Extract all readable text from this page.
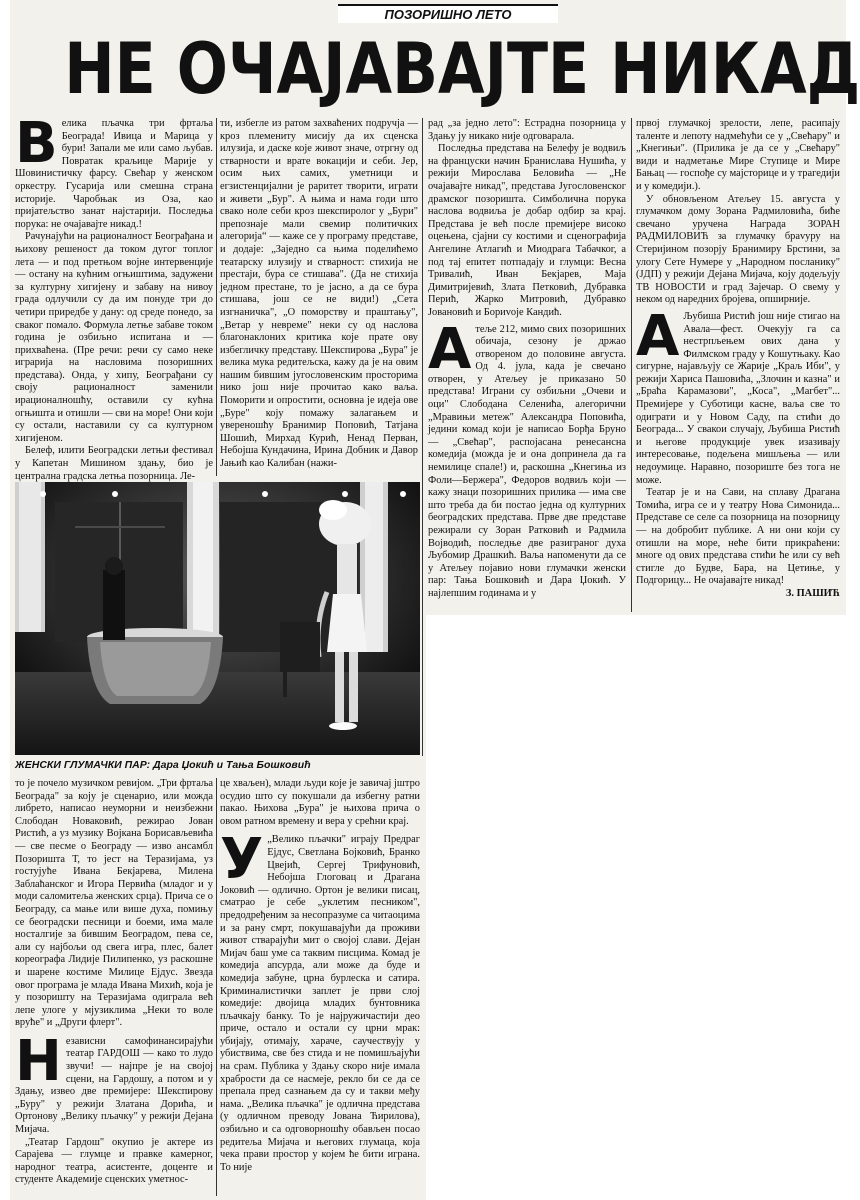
ПОЗОРИШНО ЛЕТО
НЕ ОЧАЈАВАЈТЕ НИКАД

Велика пљачка три фртаља Београда! Ивица и Марица у бури! Запали ме или само љубав. Повратак краљице Марије у Шовинистичку фарсу. Свећар у женском оркестру. Гусарија или смешна страна историје. Чаробњак из Оза, као пријатељство занат најстарији. Последња порука: не очајавајте никад.!

Рачунајући на рационалност Београђана и њихову решеност да током дугог топлог лета — и под претњом војне интервенције — остану на кућним огњиштима, задужени за културну хигијену и забаву на нивоу града одлучили су да им понуде три до четири приредбе у дану: од среде понедо, за сваког помало. Формула летње забаве током година је озбиљно испитана и — прихваћена. (Пре речи: речи су само неке игрaрија на насловима позоришних представа). Онда, у хипу, Београђани су своју рационалност заменили ирационалношћу, оставили су кућна огњишта и отишли — сви на море! Они који су остали, наставили су са културном хигијеном.

Белеф, илити Београдски летњи фестивал у Капетан Мишином здању, био је централна градска летња позорница. Ле-

ти, избегле из ратом захваћених подручја — кроз племениту мисију да их сценска илузија, и даске које живот значе, отргну од стварности и врате вокацији и себи. Јер, осим њих самих, уметници и егзистенцијални је раритет творити, играти и живети „Бур". А њима и нама годи што свако ноле себи кроз шекспиролог у „Бури" препознаје мали свемир политичких алегорија“ — каже се у програму представе, и додаје: „Заједно са њима поделићемо театарску илузију и стварност: стихија не престаји, бура се стишава". (Да не стихија једном престане, то је јасно, а да се бура стишава, још се не види!) „Сета изгнаничка", „О поморству и праштању", „Ветар у невреме" неки су од наслова благонаклоних критика које прате ову избегличку представу. Шекспирова „Бура" је велика мука редитељска, кажу да је на овим нашим бившим југословенским просторима нико још није прочитао како ваља. Поморити и опростити, основна је идеја ове „Буре" коју помажу залагањем и увереношћу Бранимир Поповић, Татјана Шошић, Мирхад Курић, Ненад Перван, Небојша Кундачина, Ирина Добник и Давор Јањић као Калибан (нажи-

рад „за једно лето": Естрадна позорница у Здању ју никако није одговарала.

Последња представа на Белефу је водвиљ на француски начин Бранислава Нушића, у режији Мирослава Беловића — „Не очајавајте никад", представа Југословенског драмског позоришта. Симболична порука наслова водвиља је добар одбир за крај. Представа је већ после премијере високо оцењена, сјајни су костими и сценографија Ангелине Атлагић и Миодрага Табачког, а под тај епитет потпадају и глумци: Весна Тривалић, Иван Бекјарев, Маја Димитријевић, Злата Петковић, Дубравка Перић, Жарко Митровић, Дубравко Јовановић и Бориvoје Кандић.

Атеље 212, мимо свих позоришних обичаја, сезону је држао отвореном до половине августа. Од 4. јула, када је свечано отворен, у Атељеу је приказано 50 представа! Играни су озбиљни „Очеви и оци" Слободана Селенића, алегорични „Мравињи метеж" Александра Поповића, једини комад који је написао Борђа Бруно — „Свећар", распојасана ренесансна комедија (можда је и она допринела да га немилице спале!) и, раскошна „Кнегиња из Фоли—Бержера", Федоров водвиљ који — кажу знаци позоришних прилика — има све што треба да би постао једна од културних београдских представа. Прве две представе режирали су Зоран Ратковић и Радмила Војводић, последње две разиграног духа Љубомир Драшкић. Ваља напоменути да се у Атељеу појавио нови глумачки женски пар: Тања Бошковић и Дара Џокић. У најлепшим годинама и у

првој глумачкој зрелости, лепе, расипају таленте и лепоту надмећући се у „Свећару" и „Кнегињи". (Прилика је да се у „Свећару" види и надметање Мире Ступице и Мире Бањац — госпође су мајсторице и у трагедији и у комедији.).

У обновљеном Атељеу 15. августа у глумачком дому Зорана Радмиловића, биће свечано уручена Награда ЗОРАН РАДМИЛОВИЋ за глумачку браvуру на Стеријином позорју Бранимиру Брстини, за улогу Сете Нумере у „Народном посланику" (ЈДП) у режији Дејана Мијача, коју додељују ТВ НОВОСТИ и град Зајечар. О свему у неком од наредних бројева, опширније.

А Љубиша Ристић још није стигао на Авала—фест. Очекују га са нестрпљењем ових дана у Филмском граду у Кошутњаку. Као сигурне, најављују се Жарије „Краљ Иби", у режији Хариса Пашовића, „Злочин и казна" и „Браћа Карамазови", „Коса", „Магбет"... Премијере у Суботици касне, ваља све то одиграти и у Новом Саду, па стићи до Београда... У свакои случају, Љубиша Ристић и његове продукције увек изазивају интересовање, подељена мишљења — или недоумице. Наравно, позориште без тога не може.

Театар је и на Сави, на сплаву Драгана Томића, игра се и у театру Нова Симонида... Представе се селе са позорница на позорницу — на добробит публике. А ни они који су отишли на море, неће бити прикраћени: многе од ових представа стићи ће или су већ стигле до Будве, Бара, на Цетиње, у Подгорицу... Не очајавајте никад!

З. ПАШИЋ

ЖЕНСКИ ГЛУМАЧКИ ПАР: Дара Џокић и Тања Бошковић

то је почело музичком ревијом. „Три фртаља Београда" за коју је сценарио, или можда либрето, написао неуморни и неизбежни Слободан Новаковић, режирао Јован Ристић, а уз музику Војкана Борисављевића — све песме о Београду — изво ансамбл Позоришта Т, то јест на Теразијама, уз гостујуће Ивана Бекјарева, Милена Заблаћанског и Игора Первића (младог и у моди саломитеља женских срца). Прича се о Београду, са мање или више духа, помињу се београдски песници и боеми, има мале носталгије за бившим Београдом, пева се, али су најбољи од свега игра, плес, балет кореографа Лидије Пилипенко, уз раскошне и шарене костиме Милице Ејдус. Звезда овог програма је млада Ивана Михић, која је у позоришту на Теразијама одиграла већ лепе улоге у мјузиклима „Неки то воле вруће" и „Други флерт".

Независни самофинансирајући театар ГАРДОШ — како то лудо звучи! — најпре је на својој сцени, на Гардошу, а потом и у Здању, извео две премијере: Шекспирову „Буру" у режији Златана Дорића, и Ортонову „Велику пљачку" у режији Дејана Мијача.

„Театар Гардош" окупио је актере из Сарајева — глумце и правке камерног, народног театра, асистенте, доценте и студенте Академије сценских уметнос-

це хваљен), млади људи које је завичај јштро осудио што су покушали да избегну ратни пакао. Њихова „Бура" је њихова прича о овом ратном времену и вера у срећни крај.

У „Велико пљачки" играју Предраг Ејдус, Светлана Бојковић, Бранко Цвејић, Сергеј Трифуновић, Небојша Глоговац и Драгана Јоковић — одлично. Ортон је велики писац, сматрао је себе „уклетим песником", предодређеним за несопразуме са читаоцима и за рану смрт, покушавајући да проживи живот стварајући мит о својој слави. Дејан Мијач баш уме са таквим писцима. Комад је комедија апсурда, али може да буде и комедија забуне, црна бурлеска и сатира. Криминалистички заплет је први слој комедије: двојица младих бунтовника пљачкају банку. То је најружичастији део приче, остало и остали су црни мрак: убијају, отимају, хараче, саучествују у убиствима, све без стида и не помишљајући на срам. Публика у Здању скоро није имала храбрости да се насмеје, рекло би се да се препала пред сазнањем да су и такви међу нама. „Велика пљачка" је одлична представа (у одличном преводу Јована Ћирилова), озбиљно и са одговорношћу обављен посао редитеља Мијача и његових глумаца, која чека прави простор у којем ће бити играна. То није
